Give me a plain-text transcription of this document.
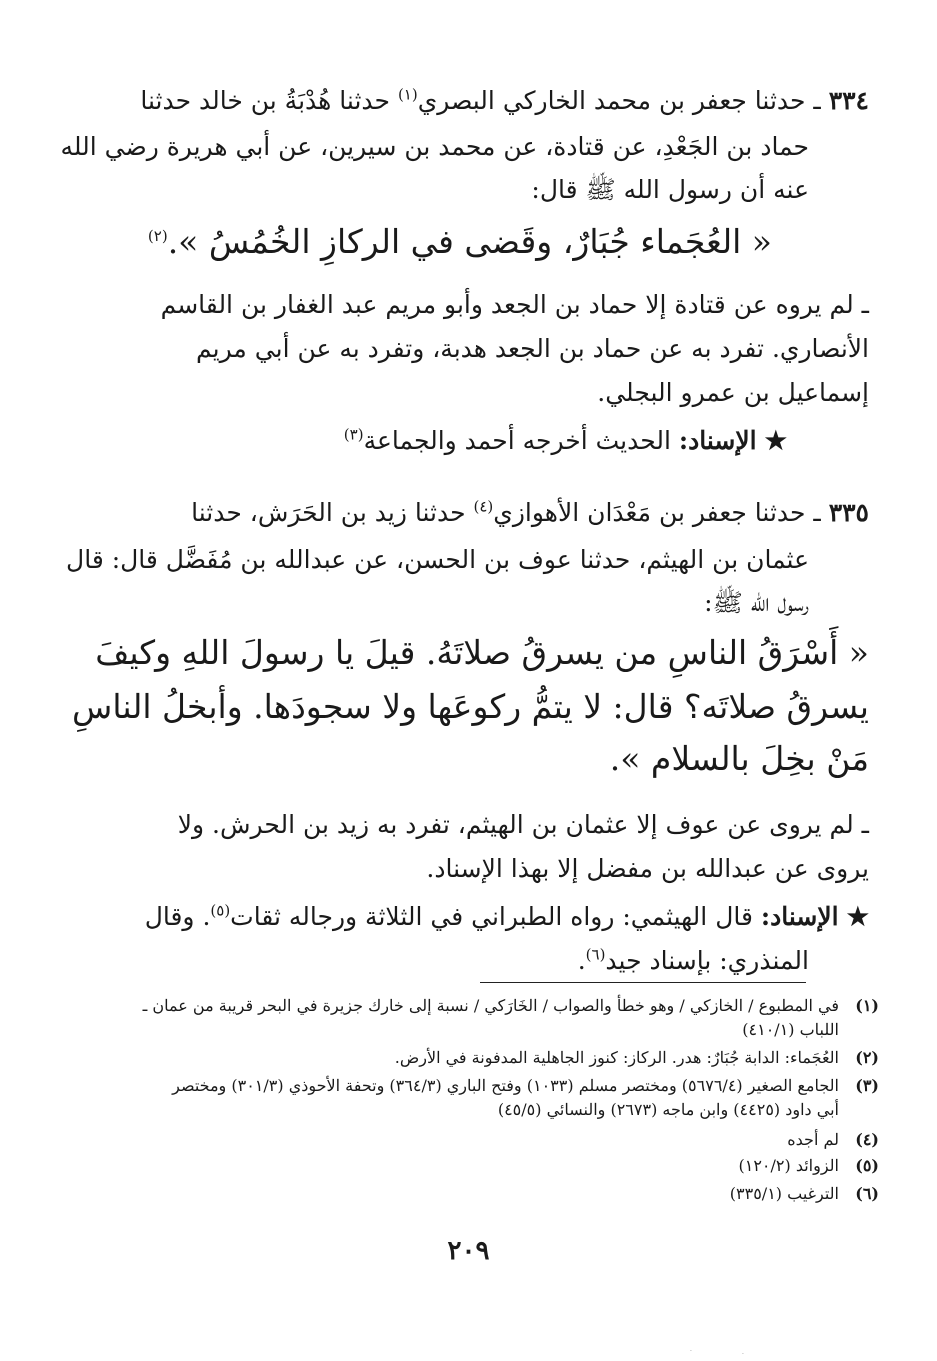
٣٣٤ ـ حدثنا جعفر بن محمد الخاركي البصري$^{(١)}$ حدثنا هُدْبَةُ بن خالد حدثنا
حماد بن الجَعْدِ، عن قتادة، عن محمد بن سيرين، عن أبي هريرة رضي الله
عنه أن رسول الله ﷺ قال:
« العُجَماء جُبَارٌ، وقَضى في الركازِ الخُمُسُ ».$^{(٢)}$
ـ لم يروه عن قتادة إلا حماد بن الجعد وأبو مريم عبد الغفار بن القاسم
الأنصاري. تفرد به عن حماد بن الجعد هدبة، وتفرد به عن أبي مريم
إسماعيل بن عمرو البجلي.
★الإسناد: الحديث أخرجه أحمد والجماعة$^{(٣)}$
٣٣٥ ـ حدثنا جعفر بن مَعْدَان الأهوازي$^{(٤)}$ حدثنا زيد بن الحَرَش، حدثنا
عثمان بن الهيثم، حدثنا عوف بن الحسن، عن عبدالله بن مُفَضَّل قال: قال
رسول الله ﷺ:
« أَسْرَقُ الناسِ من يسرقُ صلاتَهُ. قيلَ يا رسولَ اللهِ وكيفَ
يسرقُ صلاتَه؟ قال: لا يتمُّ ركوعَها ولا سجودَها. وأبخلُ الناسِ
مَنْ بخِلَ بالسلام ».
ـ لم يروى عن عوف إلا عثمان بن الهيثم، تفرد به زيد بن الحرش. ولا
يروى عن عبدالله بن مفضل إلا بهذا الإسناد.
★الإسناد: قال الهيثمي: رواه الطبراني في الثلاثة ورجاله ثقات$^{(٥)}$. وقال
المنذري: بإسناد جيد$^{(٦)}$.
(١)في المطبوع / الخازكي / وهو خطأ والصواب / الخَارَكي / نسبة إلى خارك جزيرة في البحر قريبة من عمان ـ
اللباب (٤١٠/١)
(٢)العُجَماء: الدابة جُبَارٌ: هدر. الركاز: كنوز الجاهلية المدفونة في الأرض.
(٣)الجامع الصغير (٥٦٧٦/٤) ومختصر مسلم (١٠٣٣) وفتح الباري (٣٦٤/٣) وتحفة الأحوذي (٣٠١/٣) ومختصر
أبي داود (٤٤٢٥) وابن ماجه (٢٦٧٣) والنسائي (٤٥/٥)
(٤)لم أجده
(٥)الزوائد (١٢٠/٢)
(٦)الترغيب (٣٣٥/١)
٢٠٩
·	·
